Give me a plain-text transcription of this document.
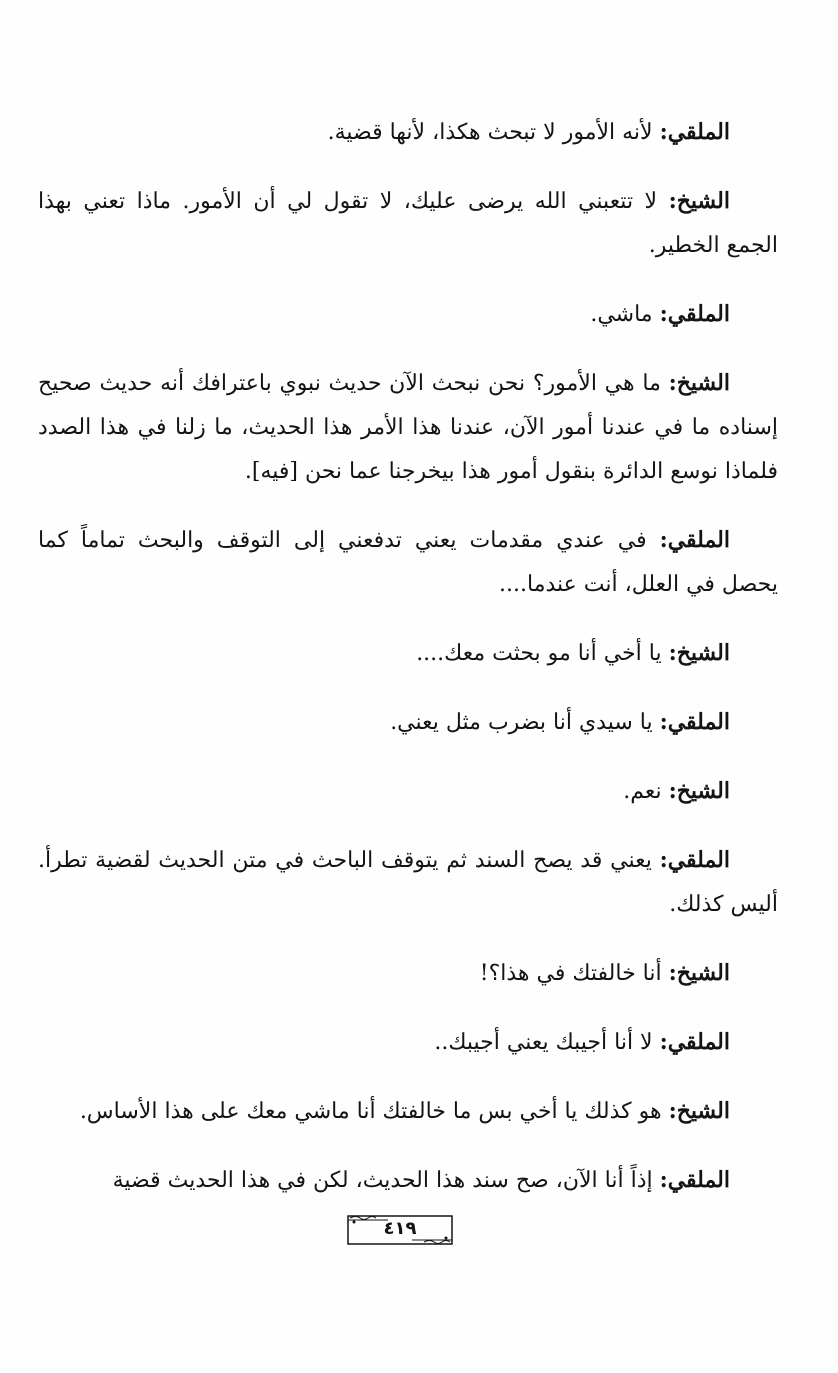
الملقي: لأنه الأمور لا تبحث هكذا، لأنها قضية.

الشيخ: لا تتعبني الله يرضى عليك، لا تقول لي أن الأمور. ماذا تعني بهذا الجمع الخطير.

الملقي: ماشي.

الشيخ: ما هي الأمور؟ نحن نبحث الآن حديث نبوي باعترافك أنه حديث صحيح إسناده ما في عندنا أمور الآن، عندنا هذا الأمر هذا الحديث، ما زلنا في هذا الصدد فلماذا نوسع الدائرة بنقول أمور هذا بيخرجنا عما نحن [فيه].

الملقي: في عندي مقدمات يعني تدفعني إلى التوقف والبحث تماماً كما يحصل في العلل، أنت عندما....

الشيخ: يا أخي أنا مو بحثت معك....

الملقي: يا سيدي أنا بضرب مثل يعني.

الشيخ: نعم.

الملقي: يعني قد يصح السند ثم يتوقف الباحث في متن الحديث لقضية تطرأ. أليس كذلك.

الشيخ: أنا خالفتك في هذا؟!

الملقي: لا أنا أجيبك يعني أجيبك..

الشيخ: هو كذلك يا أخي بس ما خالفتك أنا ماشي معك على هذا الأساس.

الملقي: إذاً أنا الآن، صح سند هذا الحديث، لكن في هذا الحديث قضية

٤١٩
